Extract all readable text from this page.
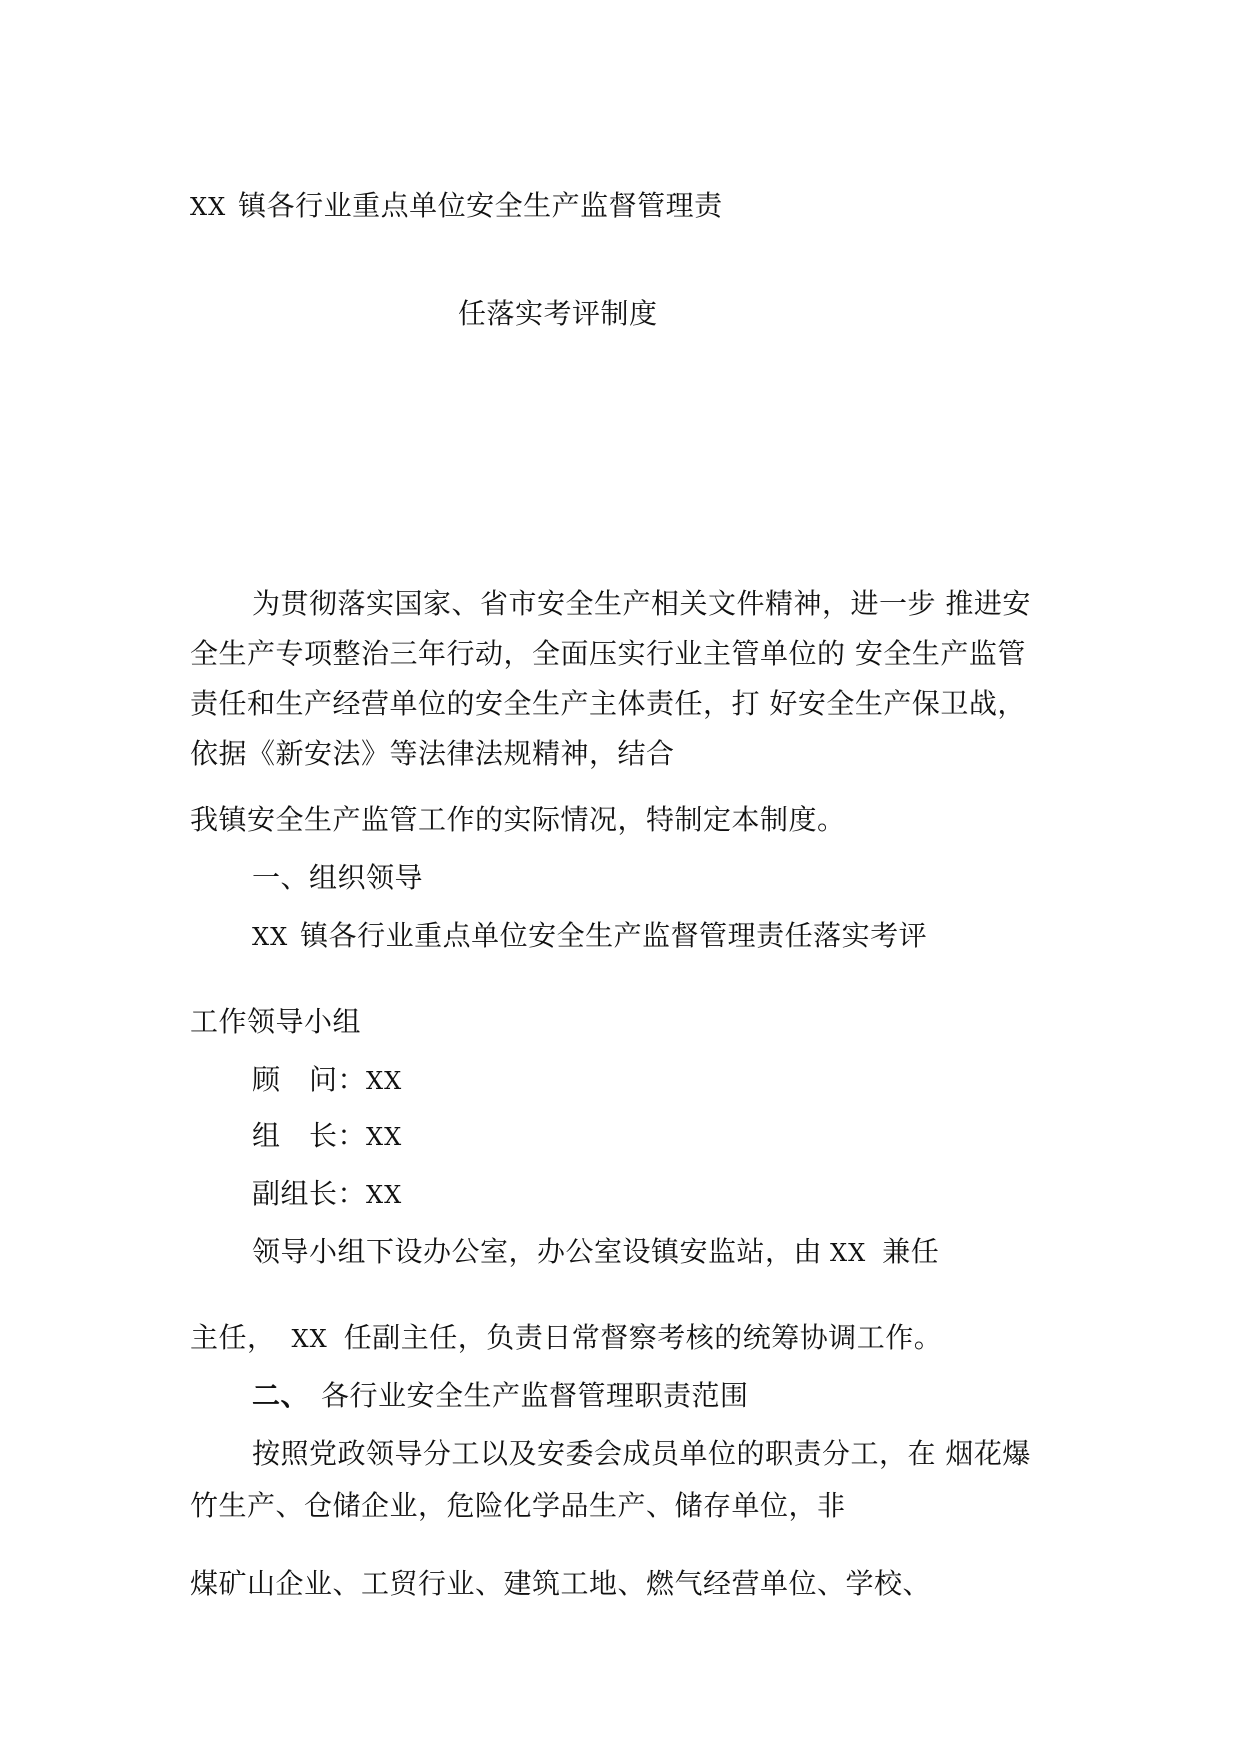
XX 镇各行业重点单位安全生产监督管理责
任落实考评制度
为贯彻落实国家、省市安全生产相关文件精神，进一步 推进安
全生产专项整治三年行动，全面压实行业主管单位的 安全生产监管
责任和生产经营单位的安全生产主体责任，打 好安全生产保卫战，
依据《新安法》等法律法规精神，结合
我镇安全生产监管工作的实际情况，特制定本制度。
一、组织领导
XX 镇各行业重点单位安全生产监督管理责任落实考评
工作领导小组
顾　问：XX
组　长：XX
副组长：XX
领导小组下设办公室，办公室设镇安监站，由 XX 兼任
主任， XX 任副主任，负责日常督察考核的统筹协调工作。
二、 各行业安全生产监督管理职责范围
按照党政领导分工以及安委会成员单位的职责分工，在 烟花爆
竹生产、仓储企业，危险化学品生产、储存单位，非
煤矿山企业、工贸行业、建筑工地、燃气经营单位、学校、
